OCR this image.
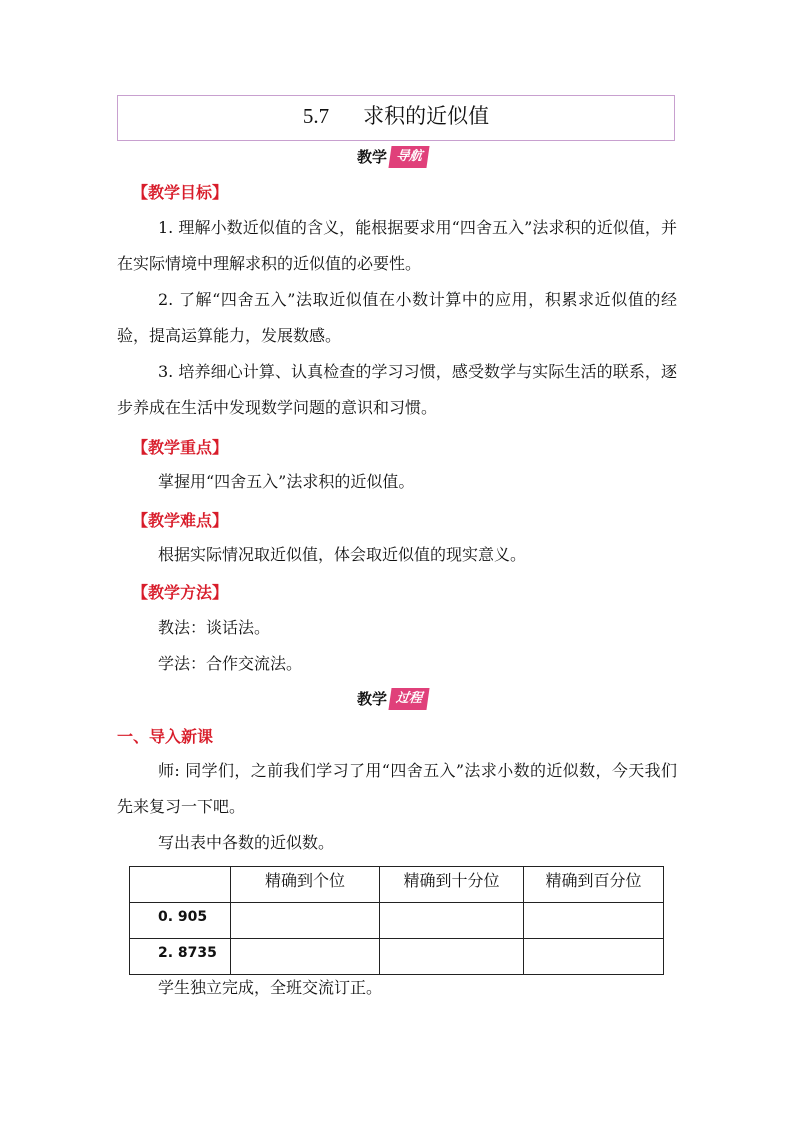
5.7 求积的近似值
教学 导航
【教学目标】
1. 理解小数近似值的含义，能根据要求用“四舍五入”法求积的近似值，并在实际情境中理解求积的近似值的必要性。
2. 了解“四舍五入”法取近似值在小数计算中的应用，积累求近似值的经验，提高运算能力，发展数感。
3. 培养细心计算、认真检查的学习习惯，感受数学与实际生活的联系，逐步养成在生活中发现数学问题的意识和习惯。
【教学重点】
掌握用“四舍五入”法求积的近似值。
【教学难点】
根据实际情况取近似值，体会取近似值的现实意义。
【教学方法】
教法：谈话法。
学法：合作交流法。
教学 过程
一、导入新课
师: 同学们，之前我们学习了用“四舍五入”法求小数的近似数，今天我们先来复习一下吧。
写出表中各数的近似数。
	精确到个位	精确到十分位	精确到百分位
0. 905			
2. 8735			
学生独立完成，全班交流订正。
